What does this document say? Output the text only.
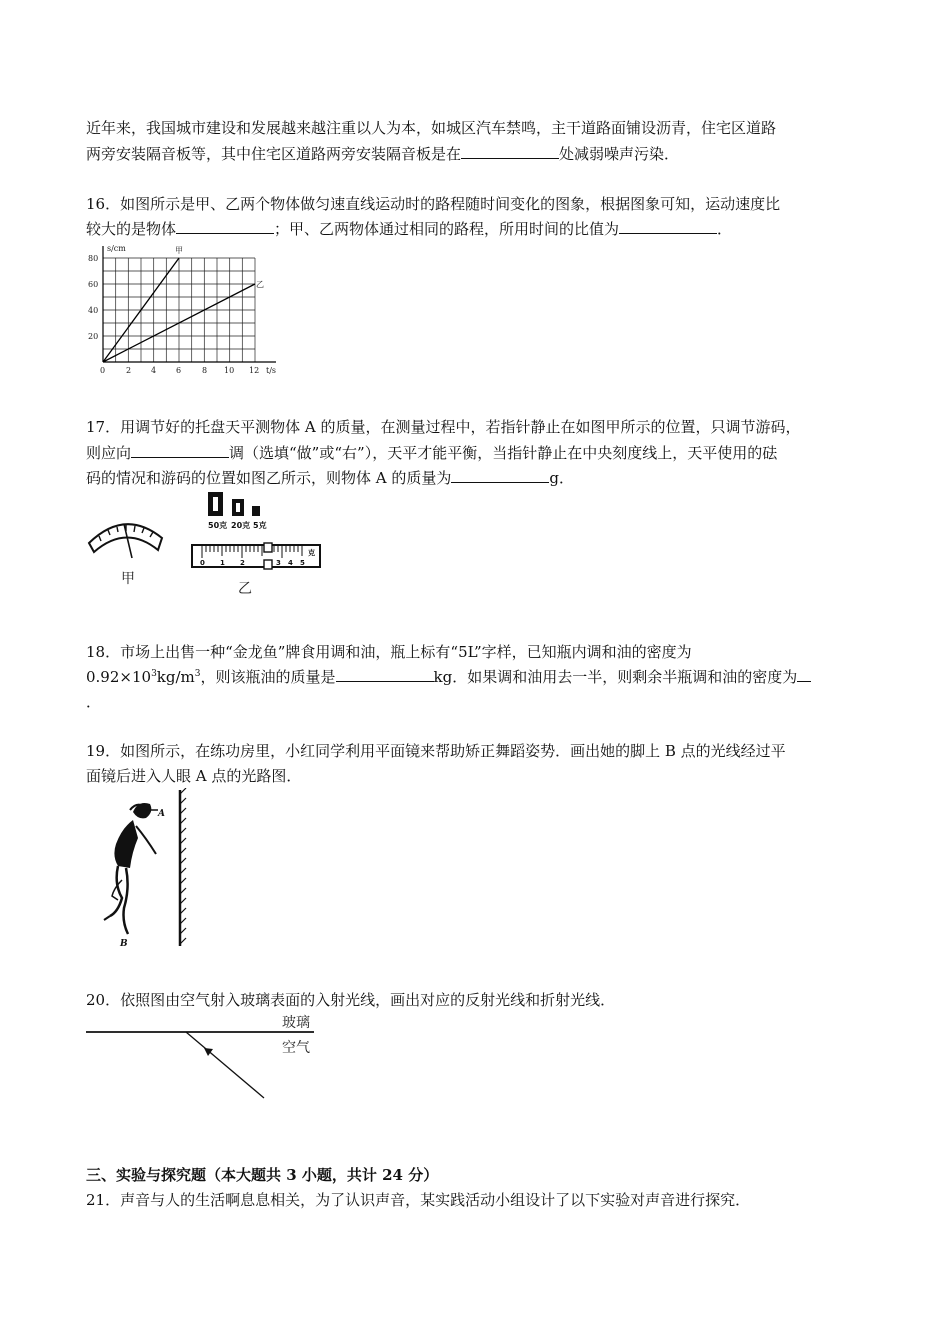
近年来，我国城市建设和发展越来越注重以人为本，如城区汽车禁鸣，主干道路面铺设沥青，住宅区道路
两旁安装隔音板等，其中住宅区道路两旁安装隔音板是在	处减弱噪声污染．
16．如图所示是甲、乙两个物体做匀速直线运动时的路程随时间变化的图象，根据图象可知，运动速度比
较大的是物体	；甲、乙两物体通过相同的路程，所用时间的比值为	．
80
60
40
20
0	2 4 6	8 10 12
s/cm
t/s
甲
乙
17．用调节好的托盘天平测物体 A 的质量，在测量过程中，若指针静止在如图甲所示的位置，只调节游码，
则应向	调（选填“做”或“右”），天平才能平衡，当指针静止在中央刻度线上，天平使用的砝
码的情况和游码的位置如图乙所示，则物体 A 的质量为	g．
甲
50克 20克 5克
0 1 2	3 4 5
克
乙
18．市场上出售一种“金龙鱼”牌食用调和油，瓶上标有“5L”字样，已知瓶内调和油的密度为
$0.92\times 10^3kg/m^3$，则该瓶油的质量是	kg．如果调和油用去一半，则剩余半瓶调和油的密度为
．
19．如图所示，在练功房里，小红同学利用平面镜来帮助矫正舞蹈姿势．画出她的脚上 B 点的光线经过平
面镜后进入人眼 A 点的光路图．
A
B
20．依照图由空气射入玻璃表面的入射光线，画出对应的反射光线和折射光线．
玻璃
空气
三、实验与探究题（本大题共 3 小题，共计 24 分）
21．声音与人的生活啊息息相关，为了认识声音，某实践活动小组设计了以下实验对声音进行探究．
